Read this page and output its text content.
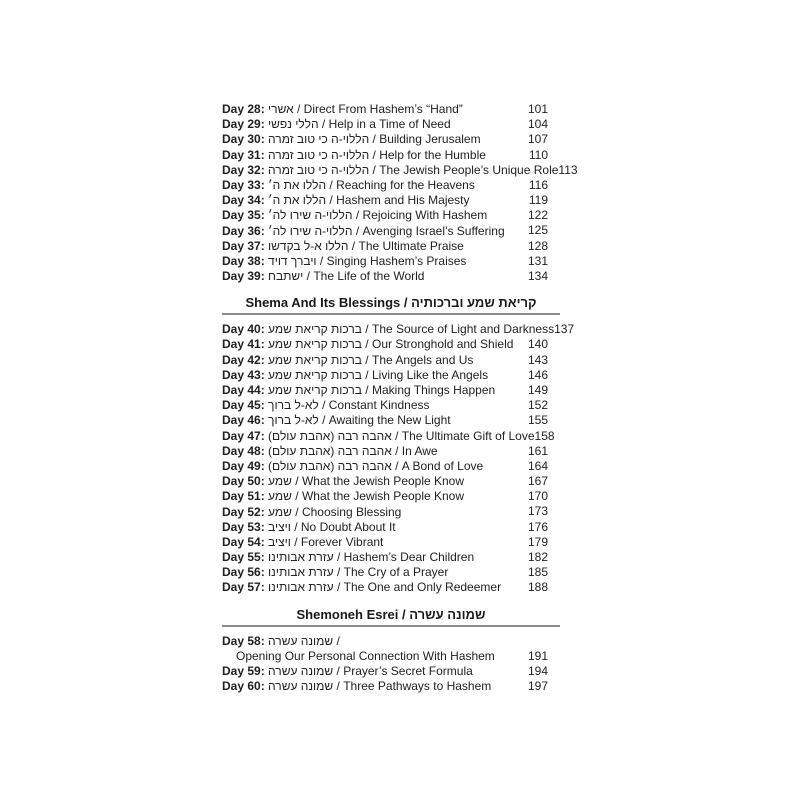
Day 28: אשרי / Direct From Hashem’s “Hand”	101
Day 29: הללי נפשי / Help in a Time of Need	104
Day 30: הללוי-ה כי טוב זמרה / Building Jerusalem	107
Day 31: הללוי-ה כי טוב זמרה / Help for the Humble	110
Day 32: הללוי-ה כי טוב זמרה / The Jewish People’s Unique Role 113
Day 33: הללו את ה׳ / Reaching for the Heavens	116
Day 34: הללו את ה׳ / Hashem and His Majesty	119
Day 35: הללוי-ה שירו לה׳ / Rejoicing With Hashem	122
Day 36: הללוי-ה שירו לה׳ / Avenging Israel’s Suffering	125
Day 37: הללו א-ל בקדשו / The Ultimate Praise	128
Day 38: ויברך דויד / Singing Hashem’s Praises	131
Day 39: ישתבח / The Life of the World	134
Shema And Its Blessings / קריאת שמע וברכותיה
Day 40: ברכות קריאת שמע / The Source of Light and Darkness 137
Day 41: ברכות קריאת שמע / Our Stronghold and Shield	140
Day 42: ברכות קריאת שמע / The Angels and Us	143
Day 43: ברכות קריאת שמע / Living Like the Angels	146
Day 44: ברכות קריאת שמע / Making Things Happen	149
Day 45: לא-ל ברוך / Constant Kindness	152
Day 46: לא-ל ברוך / Awaiting the New Light	155
Day 47: אהבה רבה (אהבת עולם) / The Ultimate Gift of Love 158
Day 48: אהבה רבה (אהבת עולם) / In Awe	161
Day 49: אהבה רבה (אהבת עולם) / A Bond of Love	164
Day 50: שמע / What the Jewish People Know	167
Day 51: שמע / What the Jewish People Know	170
Day 52: שמע / Choosing Blessing	173
Day 53: ויציב / No Doubt About It	176
Day 54: ויציב / Forever Vibrant	179
Day 55: עזרת אבותינו / Hashem’s Dear Children	182
Day 56: עזרת אבותינו / The Cry of a Prayer	185
Day 57: עזרת אבותינו / The One and Only Redeemer	188
Shemoneh Esrei / שמונה עשרה
Day 58: שמונה עשרה /
Opening Our Personal Connection With Hashem	191
Day 59: שמונה עשרה / Prayer’s Secret Formula	194
Day 60: שמונה עשרה / Three Pathways to Hashem	197
